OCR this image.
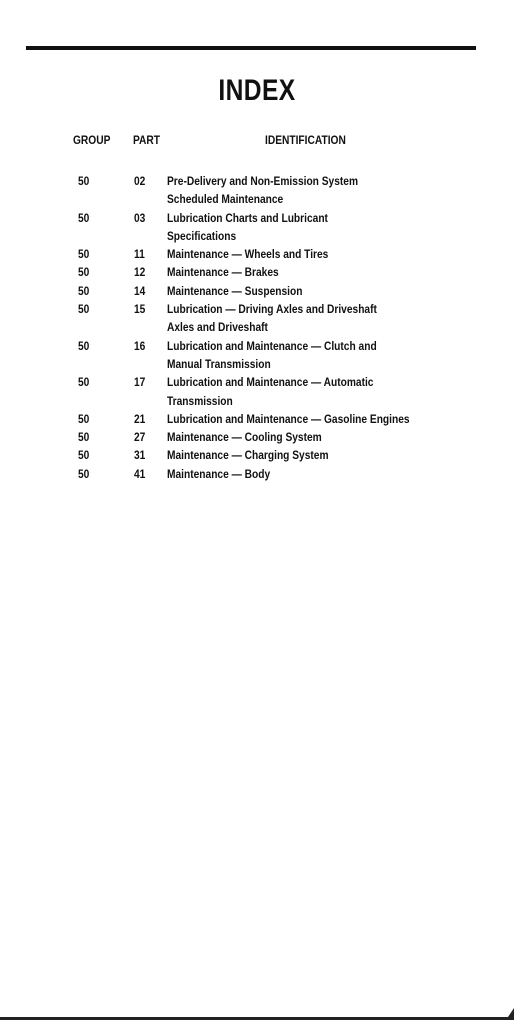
INDEX
GROUP PART	IDENTIFICATION
50	02 Pre-Delivery and Non-Emission System
Scheduled Maintenance
50	03 Lubrication Charts and Lubricant
Specifications
50	11 Maintenance — Wheels and Tires
50	12 Maintenance — Brakes
50	14 Maintenance — Suspension
50	15 Lubrication — Driving Axles and Driveshaft
Axles and Driveshaft
50	16 Lubrication and Maintenance — Clutch and
Manual Transmission
50	17 Lubrication and Maintenance — Automatic
Transmission
50	21 Lubrication and Maintenance — Gasoline Engines
50	27 Maintenance — Cooling System
50	31 Maintenance — Charging System
50	41 Maintenance — Body
